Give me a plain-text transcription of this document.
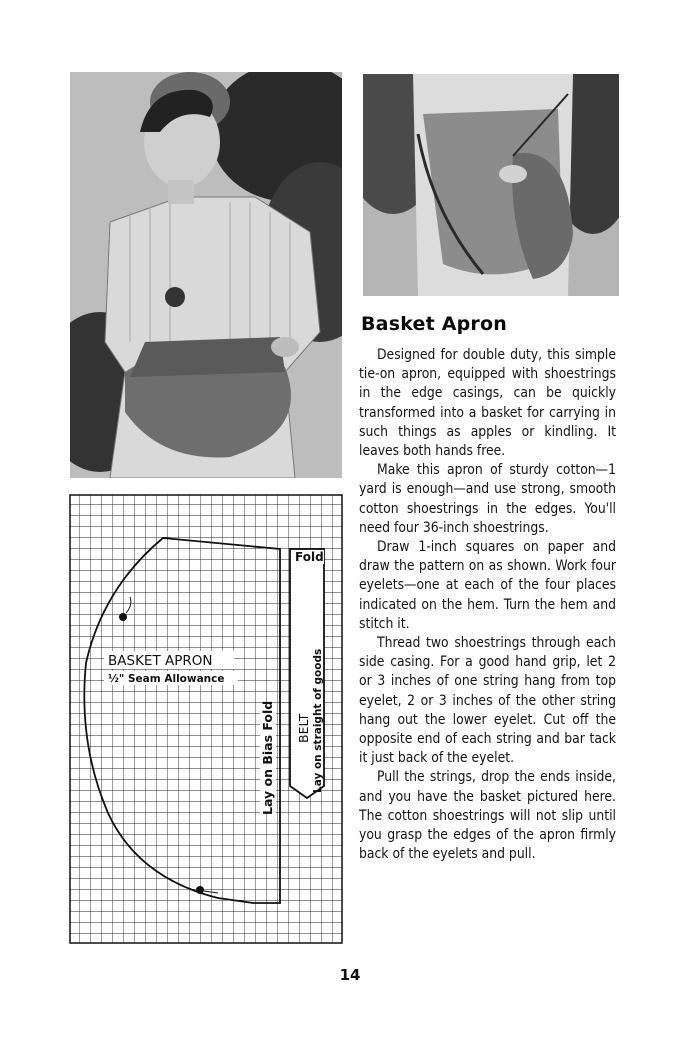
BASKET APRON
½" Seam Allowance
Fold
Lay on Bias Fold BELT Lay on straight of goods
Basket Apron

Designed for double duty, this simple tie-on apron, equipped with shoestrings in the edge casings, can be quickly transformed into a basket for carrying in such things as apples or kindling. It leaves both hands free.

Make this apron of sturdy cotton—1 yard is enough—and use strong, smooth cotton shoestrings in the edges. You'll need four 36-inch shoestrings.

Draw 1-inch squares on paper and draw the pattern on as shown. Work four eyelets—one at each of the four places indicated on the hem. Turn the hem and stitch it.

Thread two shoestrings through each side casing. For a good hand grip, let 2 or 3 inches of one string hang from top eyelet, 2 or 3 inches of the other string hang out the lower eyelet. Cut off the opposite end of each string and bar tack it just back of the eyelet.

Pull the strings, drop the ends inside, and you have the basket pictured here. The cotton shoestrings will not slip until you grasp the edges of the apron firmly back of the eyelets and pull.

14
